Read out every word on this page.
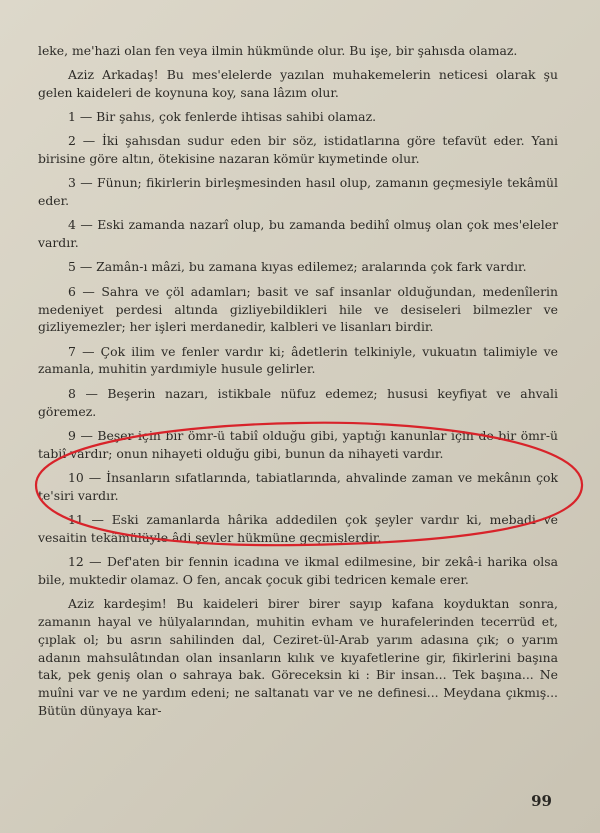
leke, me'hazi olan fen veya ilmin hükmünde olur. Bu işe, bir şahısda olamaz.

Aziz Arkadaş! Bu mes'elelerde yazılan muhakemelerin neticesi olarak şu gelen kaideleri de koynuna koy, sana lâzım olur.

1 — Bir şahıs, çok fenlerde ihtisas sahibi olamaz.

2 — İki şahısdan sudur eden bir söz, istidatlarına göre tefavüt eder. Yani birisine göre altın, ötekisine nazaran kömür kıymetinde olur.

3 — Fünun; fikirlerin birleşmesinden hasıl olup, zamanın geçmesiyle tekâmül eder.

4 — Eski zamanda nazarî olup, bu zamanda bedihî olmuş olan çok mes'eleler vardır.

5 — Zamân-ı mâzi, bu zamana kıyas edilemez; aralarında çok fark vardır.

6 — Sahra ve çöl adamları; basit ve saf insanlar olduğundan, medenîlerin medeniyet perdesi altında gizliyebildikleri hile ve desiseleri bilmezler ve gizliyemezler; her işleri merdanedir, kalbleri ve lisanları birdir.

7 — Çok ilim ve fenler vardır ki; âdetlerin telkiniyle, vukuatın talimiyle ve zamanla, muhitin yardımiyle husule gelirler.

8 — Beşerin nazarı, istikbale nüfuz edemez; hususi keyfiyat ve ahvali göremez.

9 — Beşer için bir ömr-ü tabiî olduğu gibi, yaptığı kanunlar için de bir ömr-ü tabiî vardır; onun nihayeti olduğu gibi, bunun da nihayeti vardır.

10 — İnsanların sıfatlarında, tabiatlarında, ahvalinde zaman ve mekânın çok te'siri vardır.

11 — Eski zamanlarda hârika addedilen çok şeyler vardır ki, mebadi ve vesaitin tekâmülüyle âdi şeyler hükmüne geçmişlerdir.

12 — Def'aten bir fennin icadına ve ikmal edilmesine, bir zekâ-i harika olsa bile, muktedir olamaz. O fen, ancak çocuk gibi tedricen kemale erer.

Aziz kardeşim! Bu kaideleri birer birer sayıp kafana koyduktan sonra, zamanın hayal ve hülyalarından, muhitin evham ve hurafelerinden tecerrüd et, çıplak ol; bu asrın sahilinden dal, Ceziret-ül-Arab yarım adasına çık; o yarım adanın mahsulâtından olan insanların kılık ve kıyafetlerine gir, fikirlerini başına tak, pek geniş olan o sahraya bak. Göreceksin ki : Bir insan... Tek başına... Ne muîni var ve ne yardım edeni; ne saltanatı var ve ne definesi... Meydana çıkmış... Bütün dünyaya kar-

99
